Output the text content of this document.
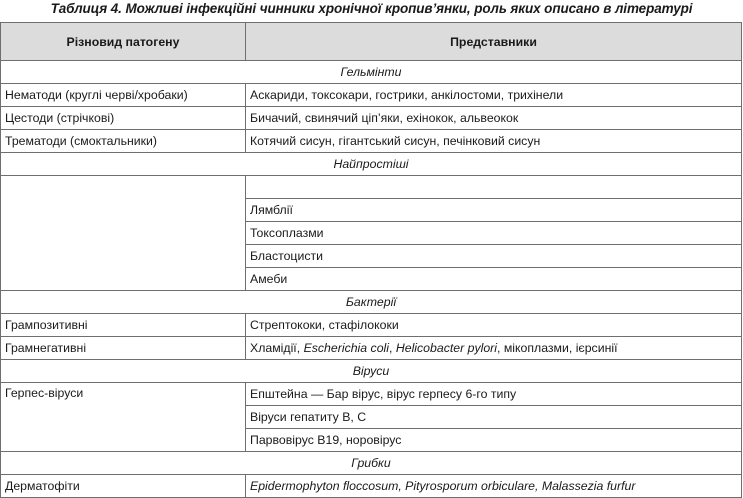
Таблиця 4. Можливі інфекційні чинники хронічної кропив’янки, роль яких описано в літературі
Різновид патогену	Представники
Гельмінти	
Нематоди (круглі черві/хробаки)	Аскариди, токсокари, гострики, анкілостоми, трихінели
Цестоди (стрічкові)	Бичачий, свинячий ціп’яки, ехінокок, альвеокок
Трематоди (смоктальники)	Котячий сисун, гігантський сисун, печінковий сисун
Найпростіші	

	Лямблії
	Токсоплазми
	Бластоцисти
	Амеби
Бактерії	
Грампозитивні	Стрептококи, стафілококи
Грамнегативні	Хламідії, Escherichia coli, Helicobacter pylori, мікоплазми, ієрсинії
Віруси	
Герпес-віруси	Епштейна — Бар вірус, вірус герпесу 6-го типу
	Віруси гепатиту В, С
	Парвовірус В19, норовірус
Грибки	
Дерматофіти	Epidermophyton floccosum, Pityrosporum orbiculare, Malassezia furfur
